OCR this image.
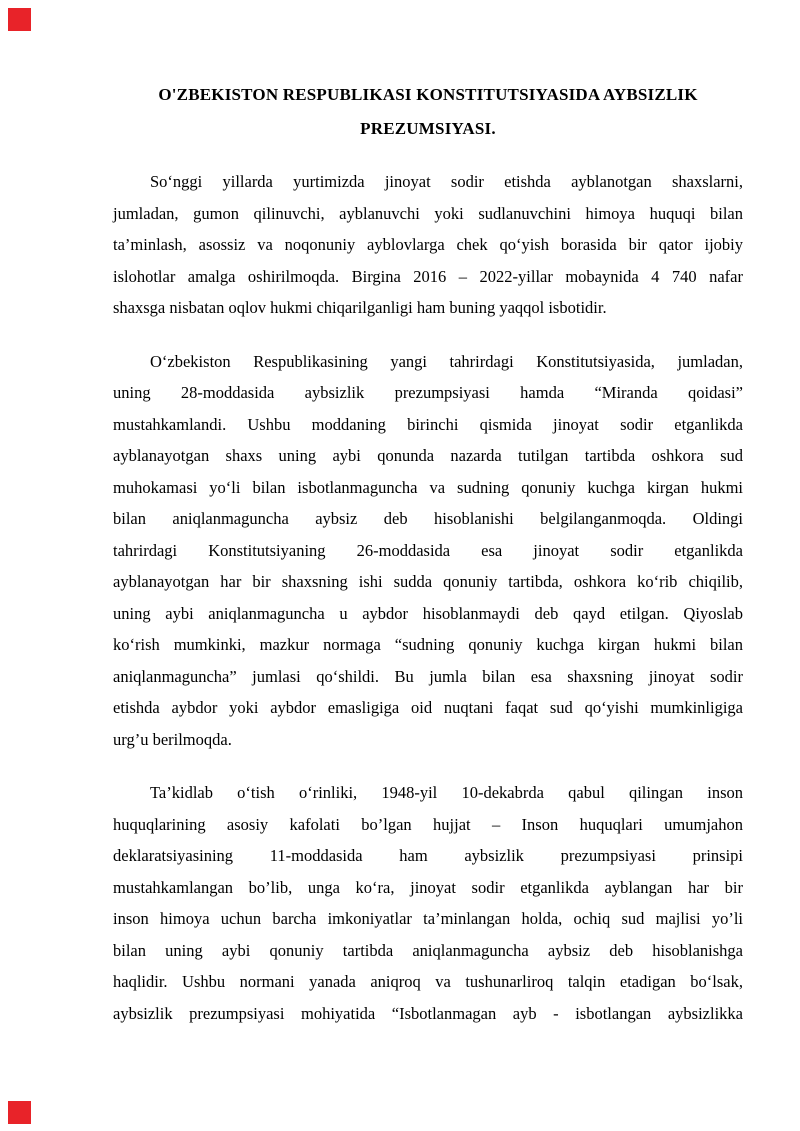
O'ZBEKISTON RESPUBLIKASI KONSTITUTSIYASIDA AYBSIZLIK
PREZUMSIYASI.
So‘nggi yillarda yurtimizda jinoyat sodir etishda ayblanotgan shaxslarni,
jumladan, gumon qilinuvchi, ayblanuvchi yoki sudlanuvchini himoya huquqi bilan
ta’minlash, asossiz va noqonuniy ayblovlarga chek qo‘yish borasida bir qator ijobiy
islohotlar amalga oshirilmoqda. Birgina 2016 – 2022-yillar mobaynida 4 740 nafar
shaxsga nisbatan oqlov hukmi chiqarilganligi ham buning yaqqol isbotidir.
O‘zbekiston Respublikasining yangi tahrirdagi Konstitutsiyasida, jumladan,
uning 28-moddasida aybsizlik prezumpsiyasi hamda “Miranda qoidasi”
mustahkamlandi. Ushbu moddaning birinchi qismida jinoyat sodir etganlikda
ayblanayotgan shaxs uning aybi qonunda nazarda tutilgan tartibda oshkora sud
muhokamasi yo‘li bilan isbotlanmaguncha va sudning qonuniy kuchga kirgan hukmi
bilan aniqlanmaguncha aybsiz deb hisoblanishi belgilanganmoqda. Oldingi
tahrirdagi Konstitutsiyaning 26-moddasida esa jinoyat sodir etganlikda
ayblanayotgan har bir shaxsning ishi sudda qonuniy tartibda, oshkora ko‘rib chiqilib,
uning aybi aniqlanmaguncha u aybdor hisoblanmaydi deb qayd etilgan. Qiyoslab
ko‘rish mumkinki, mazkur normaga “sudning qonuniy kuchga kirgan hukmi bilan
aniqlanmaguncha” jumlasi qo‘shildi. Bu jumla bilan esa shaxsning jinoyat sodir
etishda aybdor yoki aybdor emasligiga oid nuqtani faqat sud qo‘yishi mumkinligiga
urg’u berilmoqda.
Ta’kidlab o‘tish o‘rinliki, 1948-yil 10-dekabrda qabul qilingan inson
huquqlarining asosiy kafolati bo’lgan hujjat – Inson huquqlari umumjahon
deklaratsiyasining 11-moddasida ham aybsizlik prezumpsiyasi prinsipi
mustahkamlangan bo’lib, unga ko‘ra, jinoyat sodir etganlikda ayblangan har bir
inson himoya uchun barcha imkoniyatlar ta’minlangan holda, ochiq sud majlisi yo’li
bilan uning aybi qonuniy tartibda aniqlanmaguncha aybsiz deb hisoblanishga
haqlidir. Ushbu normani yanada aniqroq va tushunarliroq talqin etadigan bo‘lsak,
aybsizlik prezumpsiyasi mohiyatida “Isbotlanmagan ayb - isbotlangan aybsizlikka
